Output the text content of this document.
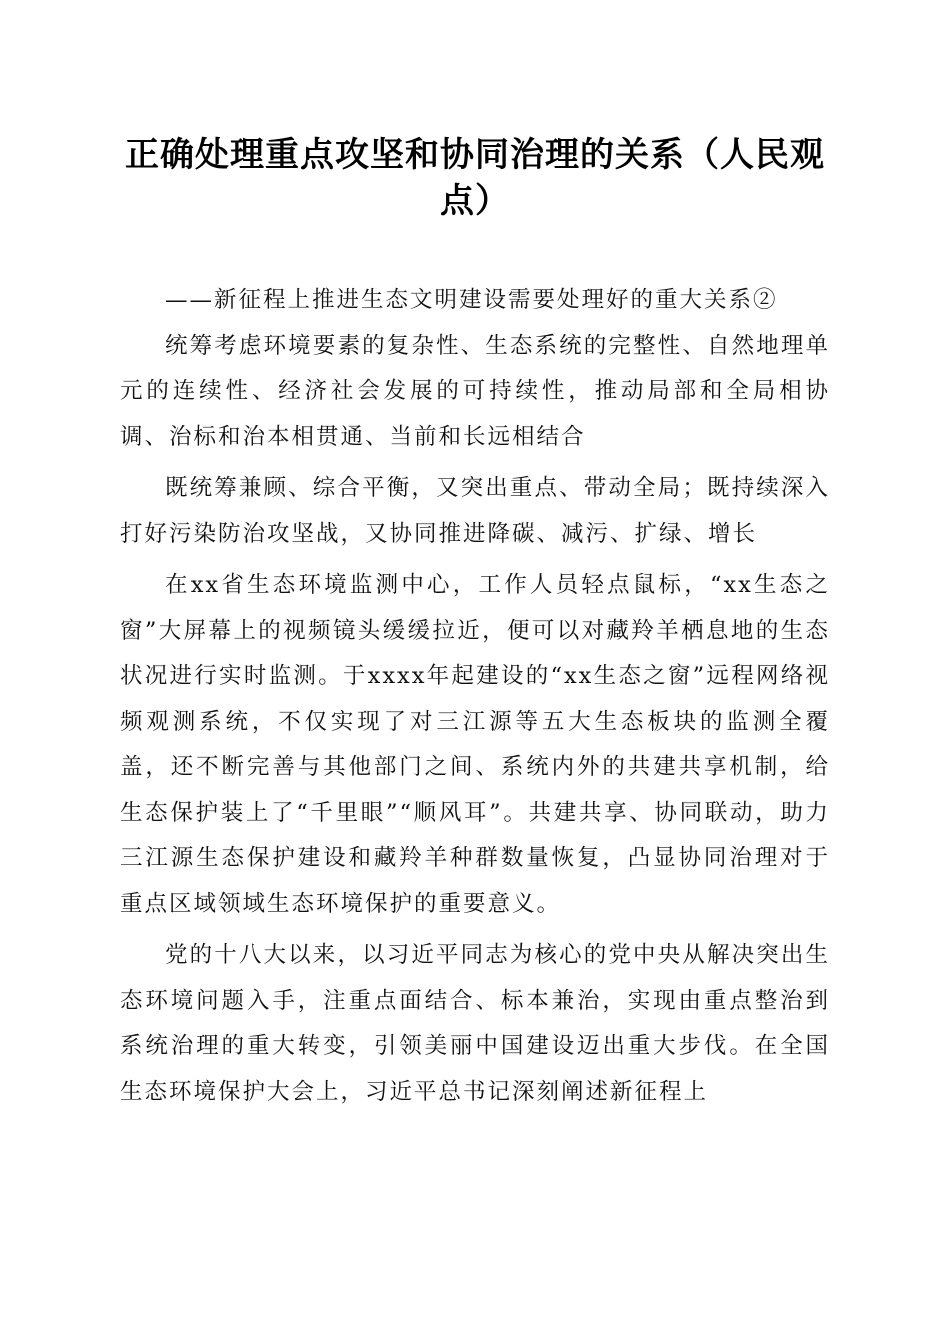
正确处理重点攻坚和协同治理的关系（人民观点）

——新征程上推进生态文明建设需要处理好的重大关系②

统筹考虑环境要素的复杂性、生态系统的完整性、自然地理单元的连续性、经济社会发展的可持续性，推动局部和全局相协调、治标和治本相贯通、当前和长远相结合

既统筹兼顾、综合平衡，又突出重点、带动全局；既持续深入打好污染防治攻坚战，又协同推进降碳、减污、扩绿、增长

在xx省生态环境监测中心，工作人员轻点鼠标，“xx生态之窗”大屏幕上的视频镜头缓缓拉近，便可以对藏羚羊栖息地的生态状况进行实时监测。于xxxx年起建设的“xx生态之窗”远程网络视频观测系统，不仅实现了对三江源等五大生态板块的监测全覆盖，还不断完善与其他部门之间、系统内外的共建共享机制，给生态保护装上了“千里眼”“顺风耳”。共建共享、协同联动，助力三江源生态保护建设和藏羚羊种群数量恢复，凸显协同治理对于重点区域领域生态环境保护的重要意义。

党的十八大以来，以习近平同志为核心的党中央从解决突出生态环境问题入手，注重点面结合、标本兼治，实现由重点整治到系统治理的重大转变，引领美丽中国建设迈出重大步伐。在全国生态环境保护大会上，习近平总书记深刻阐述新征程上
